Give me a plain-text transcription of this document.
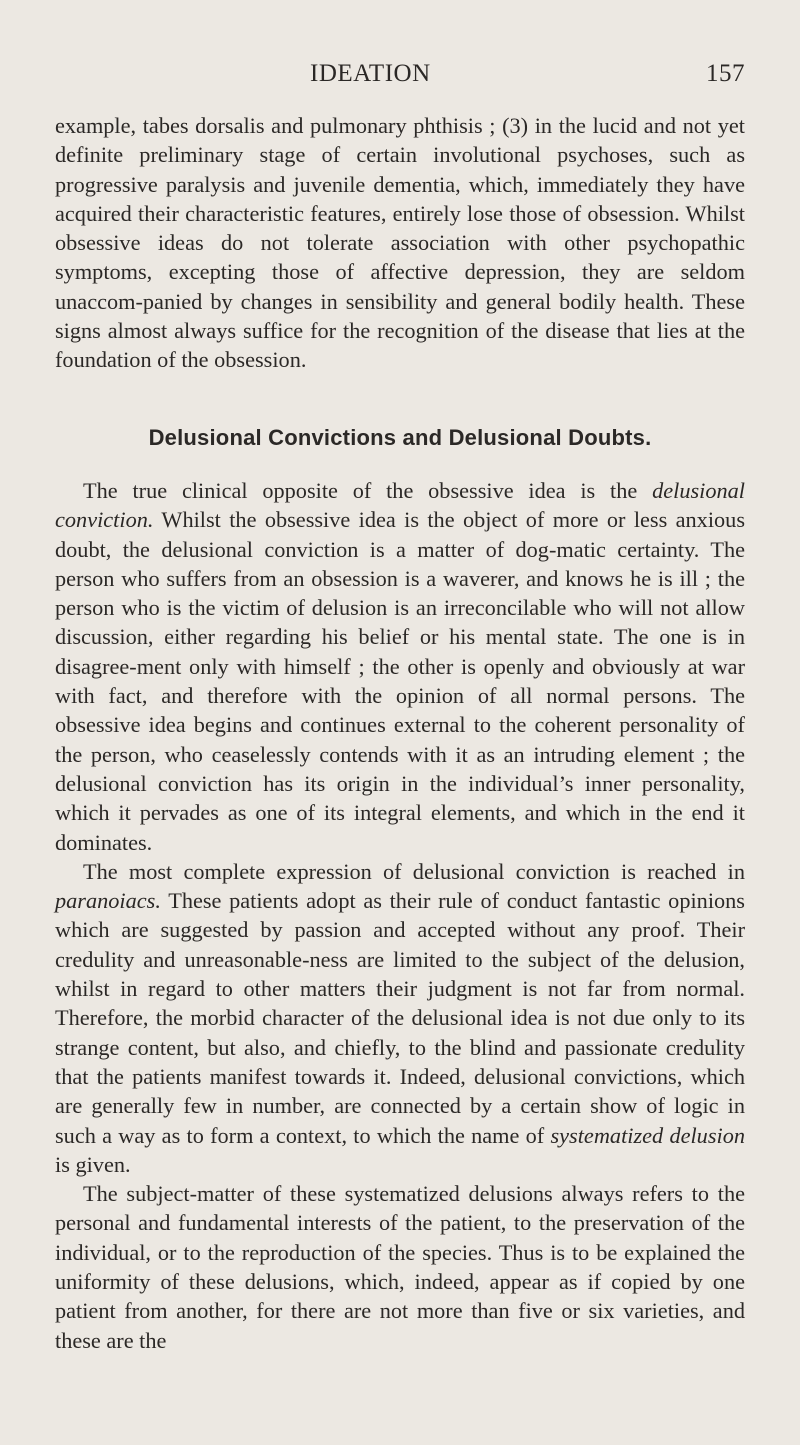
IDEATION	157

example, tabes dorsalis and pulmonary phthisis ; (3) in the lucid and not yet definite preliminary stage of certain involutional psychoses, such as progressive paralysis and juvenile dementia, which, immediately they have acquired their characteristic features, entirely lose those of obsession. Whilst obsessive ideas do not tolerate association with other psychopathic symptoms, excepting those of affective depression, they are seldom unaccom-panied by changes in sensibility and general bodily health. These signs almost always suffice for the recognition of the disease that lies at the foundation of the obsession.

Delusional Convictions and Delusional Doubts.

The true clinical opposite of the obsessive idea is the delusional conviction. Whilst the obsessive idea is the object of more or less anxious doubt, the delusional conviction is a matter of dog-matic certainty. The person who suffers from an obsession is a waverer, and knows he is ill ; the person who is the victim of delusion is an irreconcilable who will not allow discussion, either regarding his belief or his mental state. The one is in disagree-ment only with himself ; the other is openly and obviously at war with fact, and therefore with the opinion of all normal persons. The obsessive idea begins and continues external to the coherent personality of the person, who ceaselessly contends with it as an intruding element ; the delusional conviction has its origin in the individual’s inner personality, which it pervades as one of its integral elements, and which in the end it dominates.

The most complete expression of delusional conviction is reached in paranoiacs. These patients adopt as their rule of conduct fantastic opinions which are suggested by passion and accepted without any proof. Their credulity and unreasonable-ness are limited to the subject of the delusion, whilst in regard to other matters their judgment is not far from normal. Therefore, the morbid character of the delusional idea is not due only to its strange content, but also, and chiefly, to the blind and passionate credulity that the patients manifest towards it. Indeed, delusional convictions, which are generally few in number, are connected by a certain show of logic in such a way as to form a context, to which the name of systematized delusion is given.

The subject-matter of these systematized delusions always refers to the personal and fundamental interests of the patient, to the preservation of the individual, or to the reproduction of the species. Thus is to be explained the uniformity of these delusions, which, indeed, appear as if copied by one patient from another, for there are not more than five or six varieties, and these are the
